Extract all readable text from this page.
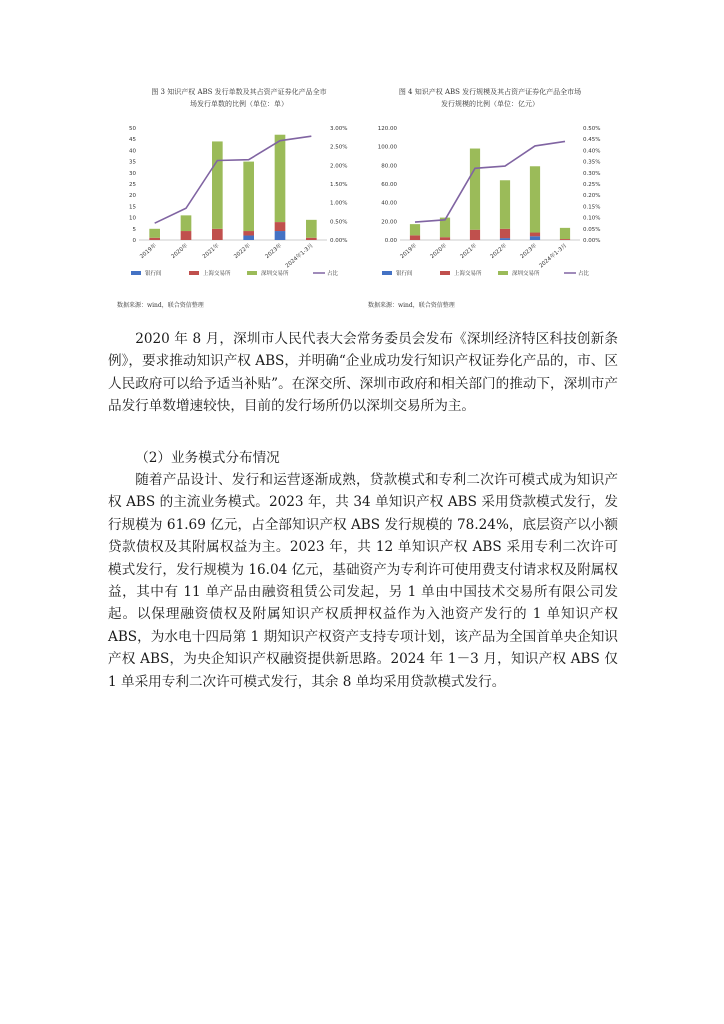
图 3 知识产权 ABS 发行单数及其占资产证券化产品全市

场发行单数的比例（单位：单）

0
5
10
15
20
25
30
35
40
45
50
0.00%
0.50%
1.00%
1.50%
2.00%
2.50%
3.00%
2019年 2020年 2021年 2022年 2023年 2024年1-3月
银行间	上海交易所	深圳交易所	占比

图 4 知识产权 ABS 发行规模及其占资产证券化产品全市场

发行规模的比例（单位：亿元）

0.00
20.00
40.00
60.00
80.00
100.00
120.00
0.00%
0.05%
0.10%
0.15%
0.20%
0.25%
0.30%
0.35%
0.40%
0.45%
0.50%
2019年 2020年 2021年 2022年 2023年 2024年1-3月
银行间	上海交易所	深圳交易所	占比
数据来源：wind，联合资信整理	数据来源：wind，联合资信整理

2020 年 8 月，深圳市人民代表大会常务委员会发布《深圳经济特区科技创新条例》，要求推动知识产权 ABS，并明确“企业成功发行知识产权证券化产品的，市、区人民政府可以给予适当补贴”。在深交所、深圳市政府和相关部门的推动下，深圳市产品发行单数增速较快，目前的发行场所仍以深圳交易所为主。

（2）业务模式分布情况

随着产品设计、发行和运营逐渐成熟，贷款模式和专利二次许可模式成为知识产权 ABS 的主流业务模式。2023 年，共 34 单知识产权 ABS 采用贷款模式发行，发行规模为 61.69 亿元，占全部知识产权 ABS 发行规模的 78.24%，底层资产以小额贷款债权及其附属权益为主。2023 年，共 12 单知识产权 ABS 采用专利二次许可模式发行，发行规模为 16.04 亿元，基础资产为专利许可使用费支付请求权及附属权益，其中有 11 单产品由融资租赁公司发起，另 1 单由中国技术交易所有限公司发起。以保理融资债权及附属知识产权质押权益作为入池资产发行的 1 单知识产权 ABS，为水电十四局第 1 期知识产权资产支持专项计划，该产品为全国首单央企知识产权 ABS，为央企知识产权融资提供新思路。2024 年 1－3 月，知识产权 ABS 仅 1 单采用专利二次许可模式发行，其余 8 单均采用贷款模式发行。
